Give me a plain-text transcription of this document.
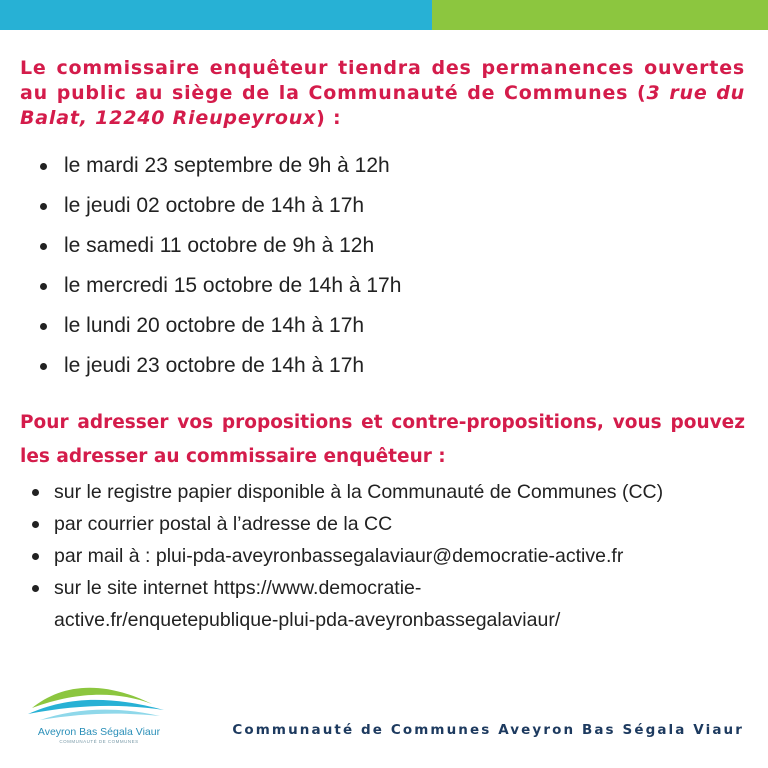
Le commissaire enquêteur tiendra des permanences ouvertes au public au siège de la Communauté de Communes (3 rue du Balat, 12240 Rieupeyroux) :

le mardi 23 septembre de 9h à 12h
le jeudi 02 octobre de 14h à 17h
le samedi 11 octobre de 9h à 12h
le mercredi 15 octobre de 14h à 17h
le lundi 20 octobre de 14h à 17h
le jeudi 23 octobre de 14h à 17h

Pour adresser vos propositions et contre-propositions, vous pouvez les adresser au commissaire enquêteur :

sur le registre papier disponible à la Communauté de Communes (CC)
par courrier postal à l’adresse de la CC
par mail à : plui-pda-aveyronbassegalaviaur@democratie-active.fr
sur le site internet https://www.democratie-
active.fr/enquetepublique-plui-pda-aveyronbassegalaviaur/
Aveyron Bas Ségala Viaur
COMMUNAUTÉ DE COMMUNES
Communauté de Communes Aveyron Bas Ségala Viaur
